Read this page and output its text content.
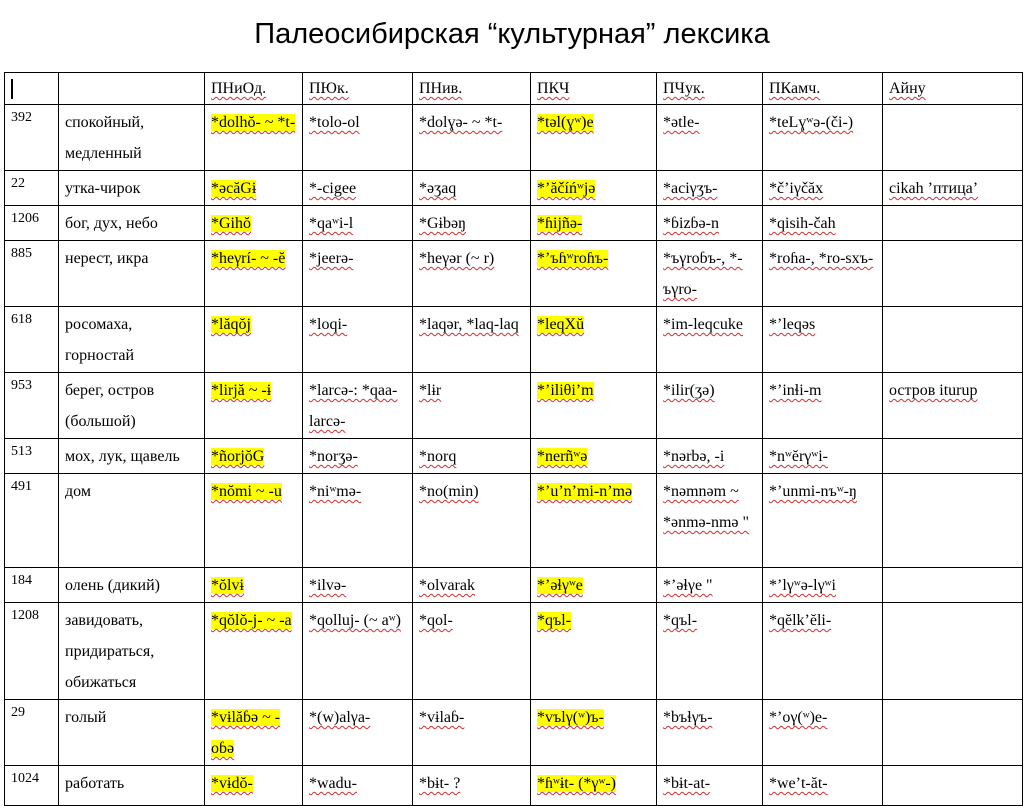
Палеосибирская “культурная” лексика
		ПНиОд.	ПЮк.	ПНив.	ПКЧ	ПЧук.	ПКамч.	Айну
392	спокойный, медленный	*dolhŏ- ~ *t-	*tolo-ol	*dolɣə- ~ *t-	*təl(ɣʷ)e	*ətle-	*teLɣʷə-(či-)	
22	утка-чирок	*əcăGɨ	*-cigee	*əʒaq	*ʼăčíńʷjə	*aciγʒъ-	*čʼiγčăx	cikah ʼптицаʼ
1206	бог, дух, небо	*Gihŏ	*qaʷi-l	*Gɨbəŋ	*ɦijñə-	*ɓizɓə-n	*qisih-čah	
885	нерест, икра	*heγrí- ~ -ĕ	*jeerə-	*heγər (~ r)	*ʼъɦʷroɦъ-	*ъγroɓъ-, *-ъγro-	*roɦa-, *ro-sxъ-	
618	росомаха, горностай	*lăqŏj	*loqi-	*laqər, *laq-laq	*leqXŭ	*im-leqcuke	*ʼleqəs	
953	берег, остров (большой)	*lirjă ~ -ɨ	*larcə-: *qaa-larcə-	*lɨr	*ʼiliθiʼm	*ilir(ʒə)	*ʼinɬi-m	остров iturup
513	мох, лук, щавель	*ñorjŏG	*norʒə-	*norq	*nerñʷə	*nərbə, -i	*nʷĕrγʷi-	
491	дом	*nŏmi ~ -u	*niʷmə-	*no(min)	*ʼuʼnʼmi-nʼmə	*nəmnəm ~ *ənmə-nmə "	*ʼunmi-nъʷ-ŋ	
184	олень (дикий)	*ŏlvɨ	*ilvə-	*olvarak	*ʼəɬγʷe	*ʼəɬγe "	*ʼlγʷə-lγʷi	
1208	завидовать, придираться, обижаться	*qŏlŏ-j- ~ -a	*qolluj- (~ aʷ)	*qol-	*qъl-	*qъl-	*qĕlkʼĕli-	
29	голый	*vɨlăɓə ~ -oɓə	*(w)alγa-	*vɨlaɓ-	*vъlγ(ʷ)ъ-	*bъɬγъ-	*ʼoγ(ʷ)e-	
1024	работать	*vɨdŏ-	*wadu-	*bɨt- ?	*ɦʷɨt- (*γʷ-)	*bɨt-at-	*weʼt-ăt-	
